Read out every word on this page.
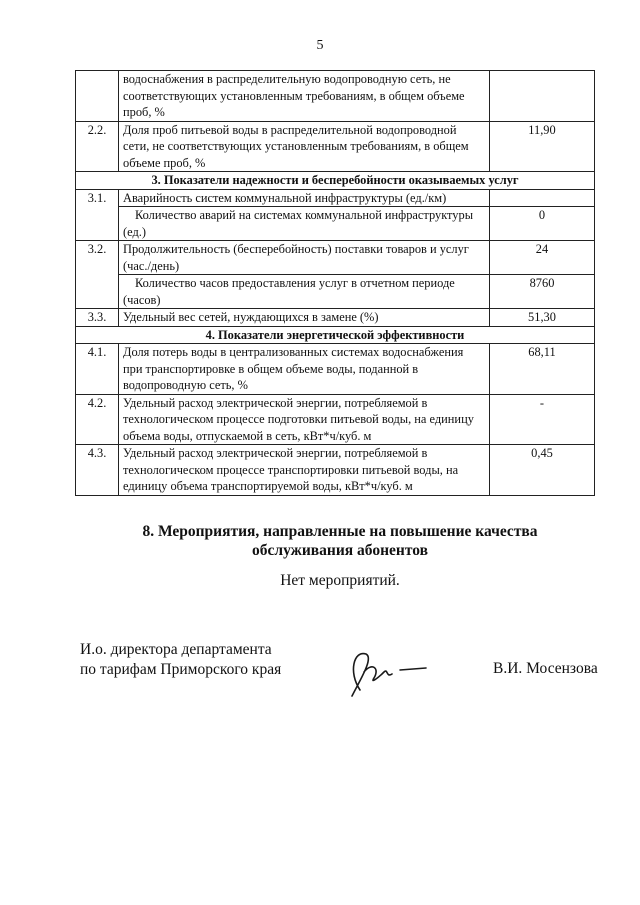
5
	водоснабжения в распределительную водопроводную сеть, не соответствующих установленным требованиям, в общем объеме проб, %	
2.2.	Доля проб питьевой воды в распределительной водопроводной сети, не соответствующих установленным требованиям, в общем объеме проб, %	11,90
3. Показатели надежности и бесперебойности оказываемых услуг		
3.1.	Аварийность систем коммунальной инфраструктуры (ед./км)	
	Количество аварий на системах коммунальной инфраструктуры (ед.)	0
3.2.	Продолжительность (бесперебойность) поставки товаров и услуг (час./день)	24
	Количество часов предоставления услуг в отчетном периоде (часов)	8760
3.3.	Удельный вес сетей, нуждающихся в замене (%)	51,30
4. Показатели энергетической эффективности		
4.1.	Доля потерь воды в централизованных системах водоснабжения при транспортировке в общем объеме воды, поданной в водопроводную сеть, %	68,11
4.2.	Удельный расход электрической энергии, потребляемой в технологическом процессе подготовки питьевой воды, на единицу объема воды, отпускаемой в сеть, кВт*ч/куб. м	-
4.3.	Удельный расход электрической энергии, потребляемой в технологическом процессе транспортировки питьевой воды, на единицу объема транспортируемой воды, кВт*ч/куб. м	0,45
8. Мероприятия, направленные на повышение качества
обслуживания абонентов
Нет мероприятий.
И.о. директора департамента
по тарифам Приморского края	В.И. Мосензова
